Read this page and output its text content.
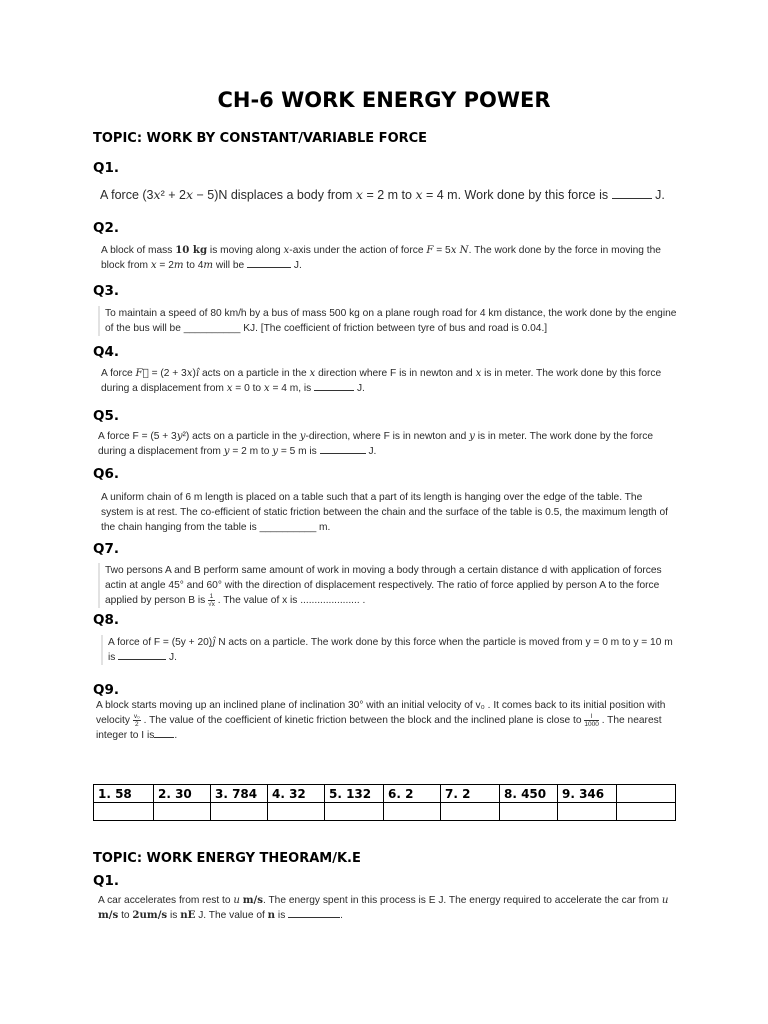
CH-6 WORK ENERGY POWER
TOPIC: WORK BY CONSTANT/VARIABLE FORCE
Q1.
A force (3x² + 2x − 5)N displaces a body from x = 2 m to x = 4 m. Work done by this force is	J.
Q2.
A block of mass 10 kg is moving along x-axis under the action of force F = 5x N. The work done by the force in moving the block from x = 2m to 4m will be	J.
Q3.
To maintain a speed of 80 km/h by a bus of mass 500 kg on a plane rough road for 4 km distance, the work done by the engine of the bus will be __________ KJ. [The coefficient of friction between tyre of bus and road is 0.04.]
Q4.
A force F⃗ = (2 + 3x)î acts on a particle in the x direction where F is in newton and x is in meter. The work done by this force during a displacement from x = 0 to x = 4 m, is	J.
Q5.
A force F = (5 + 3y²) acts on a particle in the y-direction, where F is in newton and y is in meter. The work done by the force during a displacement from y = 2 m to y = 5 m is	J.
Q6.
A uniform chain of 6 m length is placed on a table such that a part of its length is hanging over the edge of the table. The system is at rest. The co-efficient of static friction between the chain and the surface of the table is 0.5, the maximum length of the chain hanging from the table is __________ m.
Q7.
Two persons A and B perform same amount of work in moving a body through a certain distance d with application of forces actin at angle 45° and 60° with the direction of displacement respectively. The ratio of force applied by person A to the force applied by person B is $\frac{1}{√x}$ . The value of x is ..................... .
Q8.
A force of F = (5y + 20)ĵ N acts on a particle. The work done by this force when the particle is moved from y = 0 m to y = 10 m is	J.
Q9.
A block starts moving up an inclined plane of inclination 30° with an initial velocity of v₀ . It comes back to its initial position with velocity $\frac{\text{v₀}}{2}$ . The value of the coefficient of kinetic friction between the block and the inclined plane is close to $\frac{I}{1000}$ . The nearest integer to I is .
1. 58	2. 30	3. 784	4. 32	5. 132	6. 2	7. 2	8. 450	9. 346	

TOPIC: WORK ENERGY THEORAM/K.E
Q1.
A car accelerates from rest to u m/s. The energy spent in this process is E J. The energy required to accelerate the car from u m/s to 2um/s is nE J. The value of n is	.
